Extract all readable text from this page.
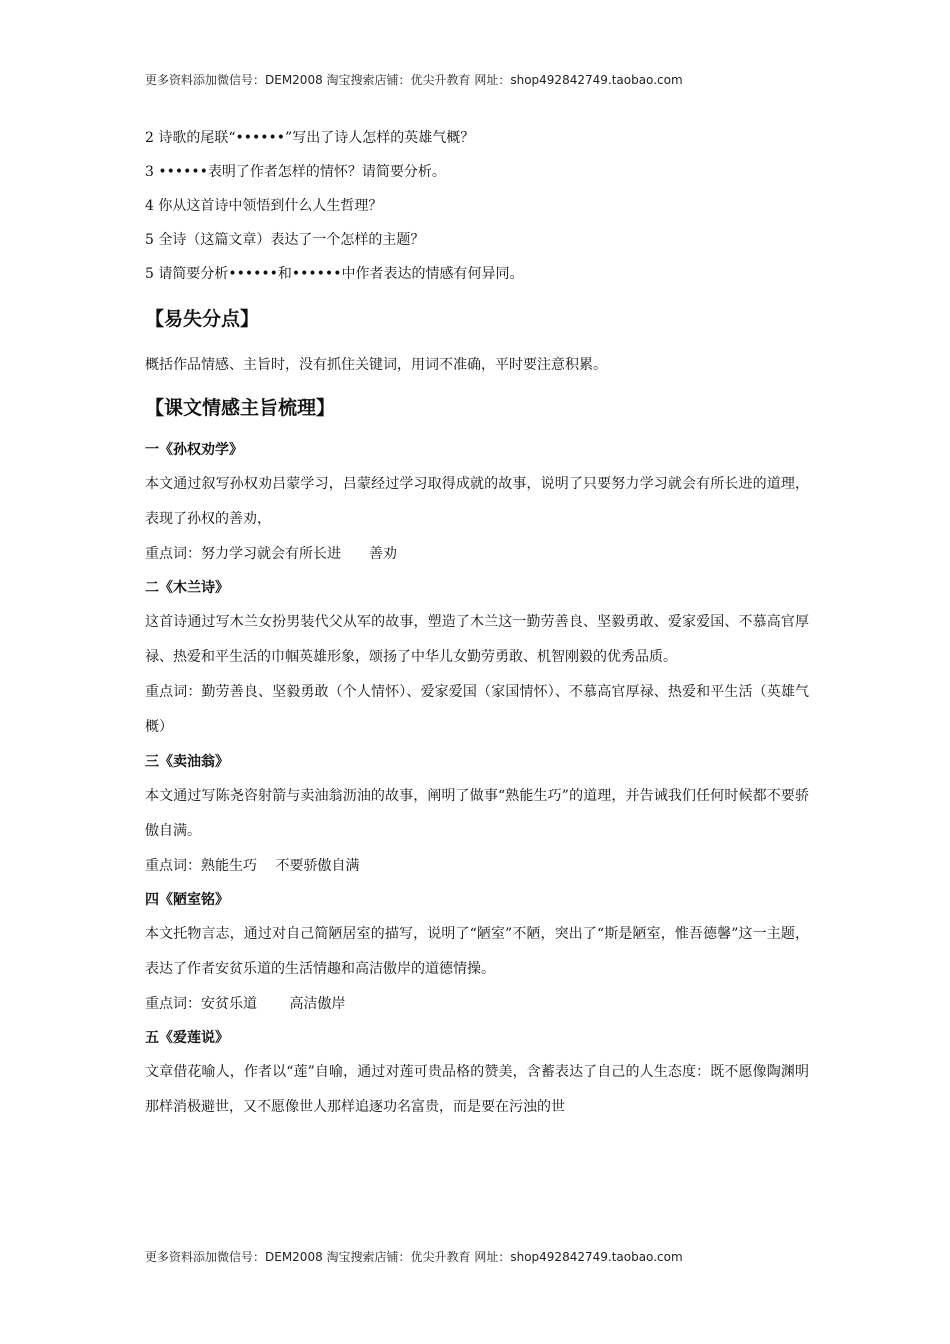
更多资料添加微信号：DEM2008 淘宝搜索店铺：优尖升教育 网址：shop492842749.taobao.com
2 诗歌的尾联“••••••”写出了诗人怎样的英雄气概？
3 ••••••表明了作者怎样的情怀？请简要分析。
4 你从这首诗中领悟到什么人生哲理？
5 全诗（这篇文章）表达了一个怎样的主题？
5 请简要分析••••••和••••••中作者表达的情感有何异同。
【易失分点】

概括作品情感、主旨时，没有抓住关键词，用词不准确，平时要注意积累。

【课文情感主旨梳理】

一《孙权劝学》

本文通过叙写孙权劝吕蒙学习，吕蒙经过学习取得成就的故事，说明了只要努力学习就会有所长进的道理，表现了孙权的善劝，

重点词：努力学习就会有所长进　　善劝

二《木兰诗》

这首诗通过写木兰女扮男装代父从军的故事，塑造了木兰这一勤劳善良、坚毅勇敢、爱家爱国、不慕高官厚禄、热爱和平生活的巾帼英雄形象，颂扬了中华儿女勤劳勇敢、机智刚毅的优秀品质。

重点词：勤劳善良、坚毅勇敢（个人情怀）、爱家爱国（家国情怀）、不慕高官厚禄、热爱和平生活（英雄气概）

三《卖油翁》

本文通过写陈尧咨射箭与卖油翁沥油的故事，阐明了做事“熟能生巧”的道理，并告诫我们任何时候都不要骄傲自满。

重点词：熟能生巧　 不要骄傲自满

四《陋室铭》

本文托物言志，通过对自己简陋居室的描写，说明了“陋室”不陋，突出了“斯是陋室，惟吾德馨”这一主题，表达了作者安贫乐道的生活情趣和高洁傲岸的道德情操。

重点词：安贫乐道　　 高洁傲岸

五《爱莲说》

文章借花喻人，作者以“莲”自喻，通过对莲可贵品格的赞美，含蓄表达了自己的人生态度：既不愿像陶渊明那样消极避世，又不愿像世人那样追逐功名富贵，而是要在污浊的世

更多资料添加微信号：DEM2008 淘宝搜索店铺：优尖升教育 网址：shop492842749.taobao.com
